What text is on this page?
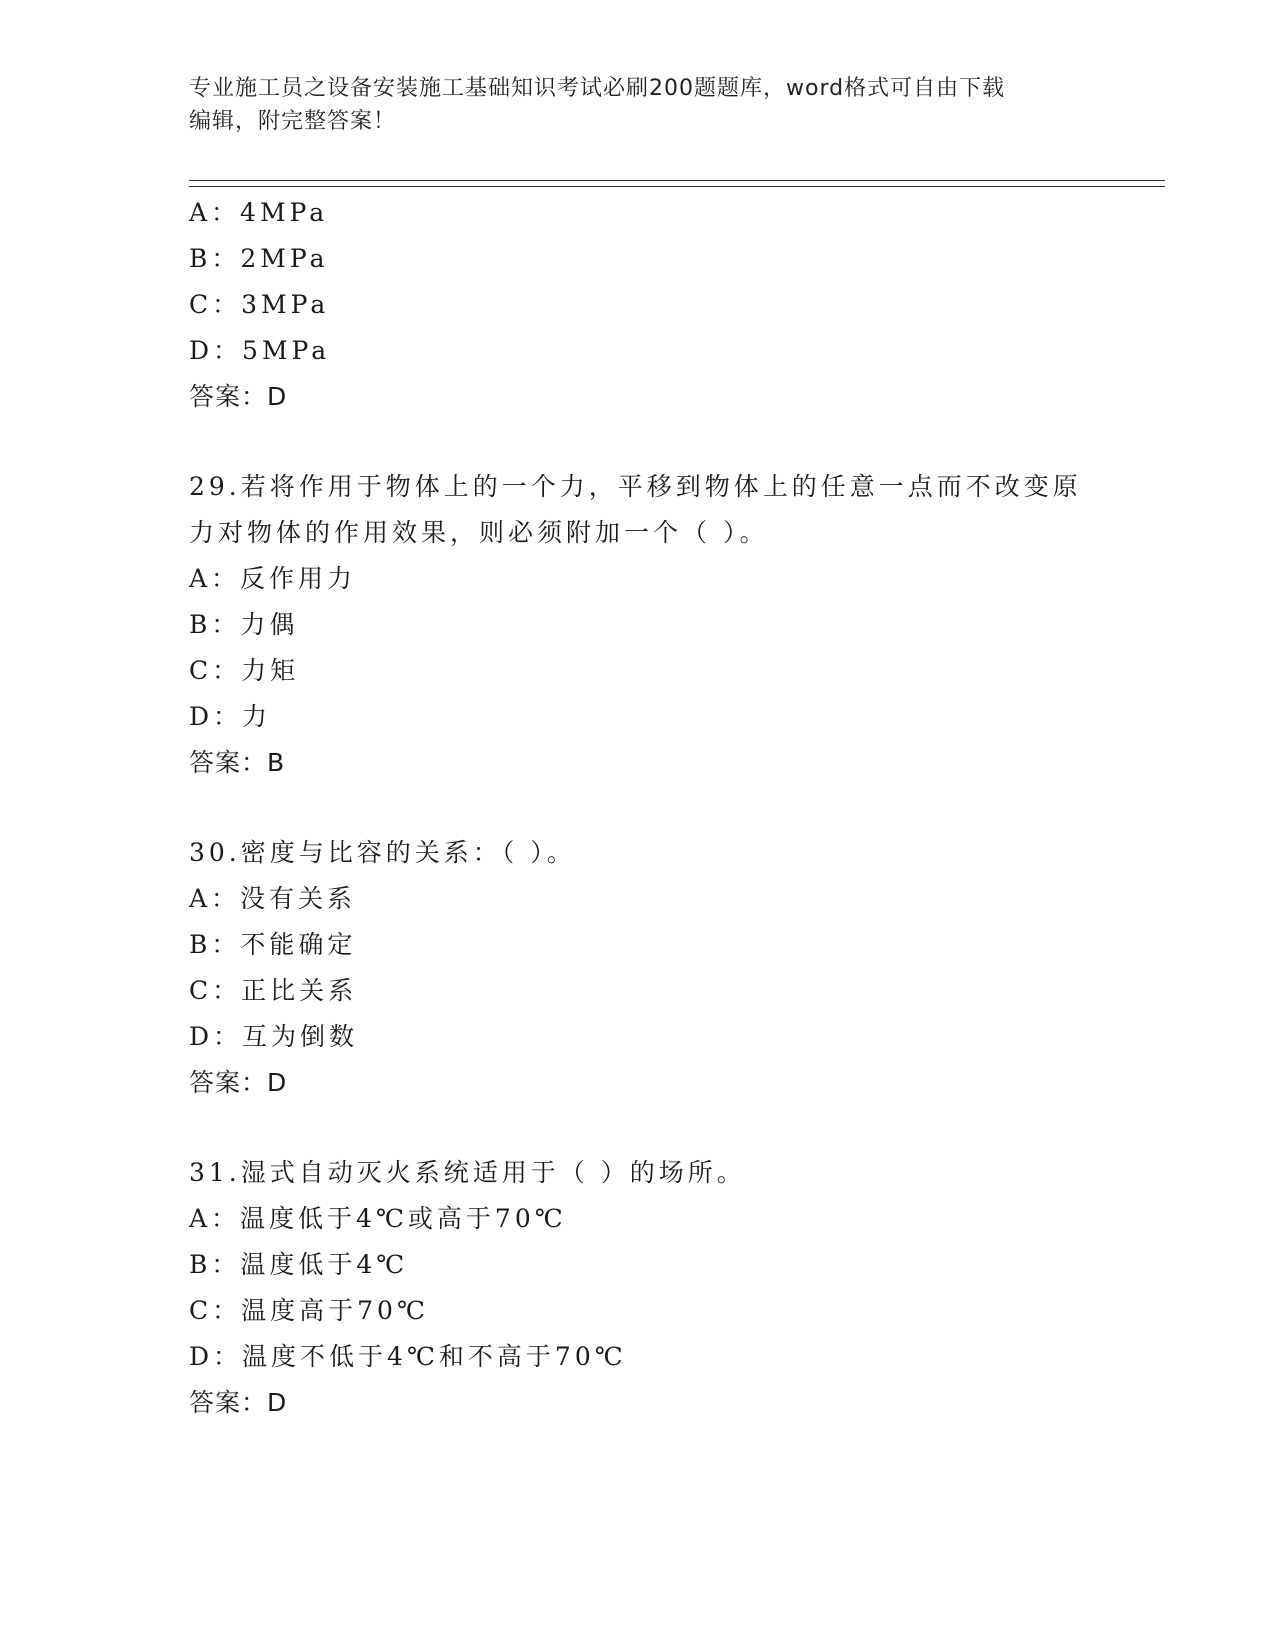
专业施工员之设备安装施工基础知识考试必刷200题题库，word格式可自由下载
编辑，附完整答案！
A：4MPa
B：2MPa
C：3MPa
D：5MPa
答案：D
29.若将作用于物体上的一个力，平移到物体上的任意一点而不改变原
力对物体的作用效果，则必须附加一个（ ）。
A：反作用力
B：力偶
C：力矩
D：力
答案：B
30.密度与比容的关系：（ ）。
A：没有关系
B：不能确定
C：正比关系
D：互为倒数
答案：D
31.湿式自动灭火系统适用于（ ）的场所。
A：温度低于4℃或高于70℃
B：温度低于4℃
C：温度高于70℃
D：温度不低于4℃和不高于70℃
答案：D
